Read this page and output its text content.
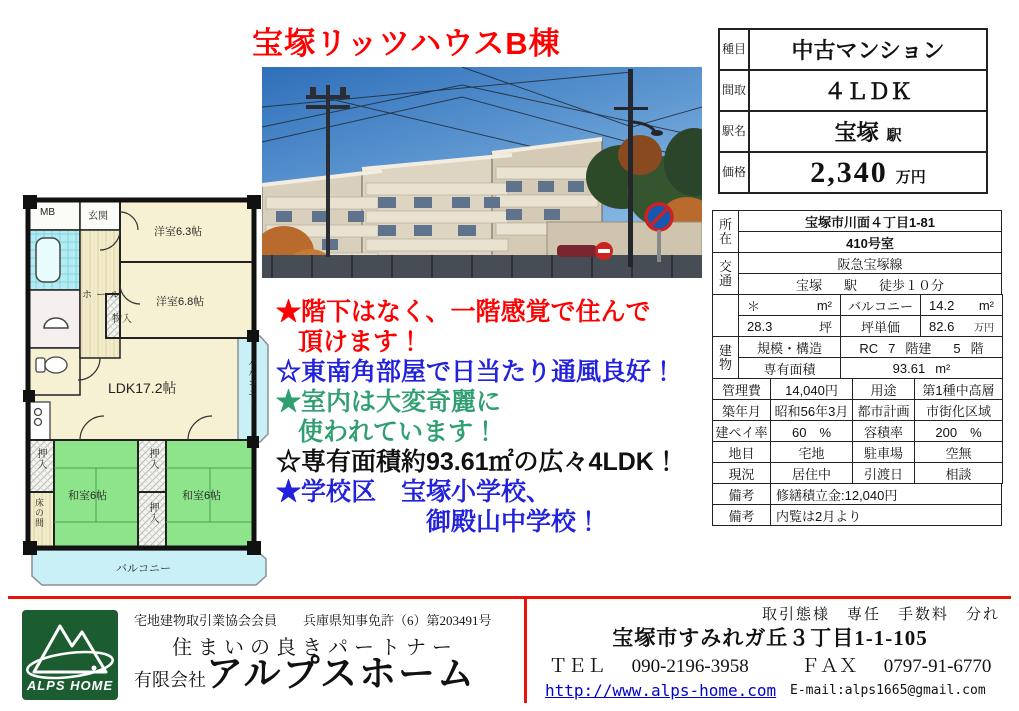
宝塚リッツハウスB棟
MB	玄関
洋室6.3帖
洋室6.8帖
ホール
物入
LDK17.2帖
押入
床の間
和室6帖
押入
押入
和室6帖
バルコニー
バルコニー
★階下はなく、一階感覚で住んで
頂けます！
☆東南角部屋で日当たり通風良好！
★室内は大変奇麗に
使われています！
☆専有面積約93.61㎡の広々4LDK！
★学校区　宝塚小学校、
御殿山中学校！
種目	中古マンション
間取	４ＬＤＫ
駅名	宝塚 駅
価格	2,340 万円
所在	宝塚市川面４丁目1-81
	410号室
交通	阪急宝塚線
	宝塚 駅 徒歩１０分

	＊ m²	バルコニー	14.2 m²

	28.3 坪	坪単価	82.6 万円

建物	規模・構造	RC 7 階建 5 階	
	専有面積	93.61 m²	
管理費	14,040円	用途	第1種中高層
築年月	昭和56年3月	都市計画	市街化区域
建ペイ率	60　%	容積率	200　%
地目	宅地	駐車場	空無
現況	居住中	引渡日	相談
備考	修繕積立金:12,040円
備考	内覧は2月より
ALPS HOME
宅地建物取引業協会会員　　兵庫県知事免許（6）第203491号
住まいの良きパートナー
有限会社 アルプスホーム
取引態様　専任　手数料　分れ
宝塚市すみれガ丘３丁目1-1-105
ＴＥＬ 090-2196-3958	ＦＡＸ 0797-91-6770
http://www.alps-home.com E-mail:alps1665@gmail.com
